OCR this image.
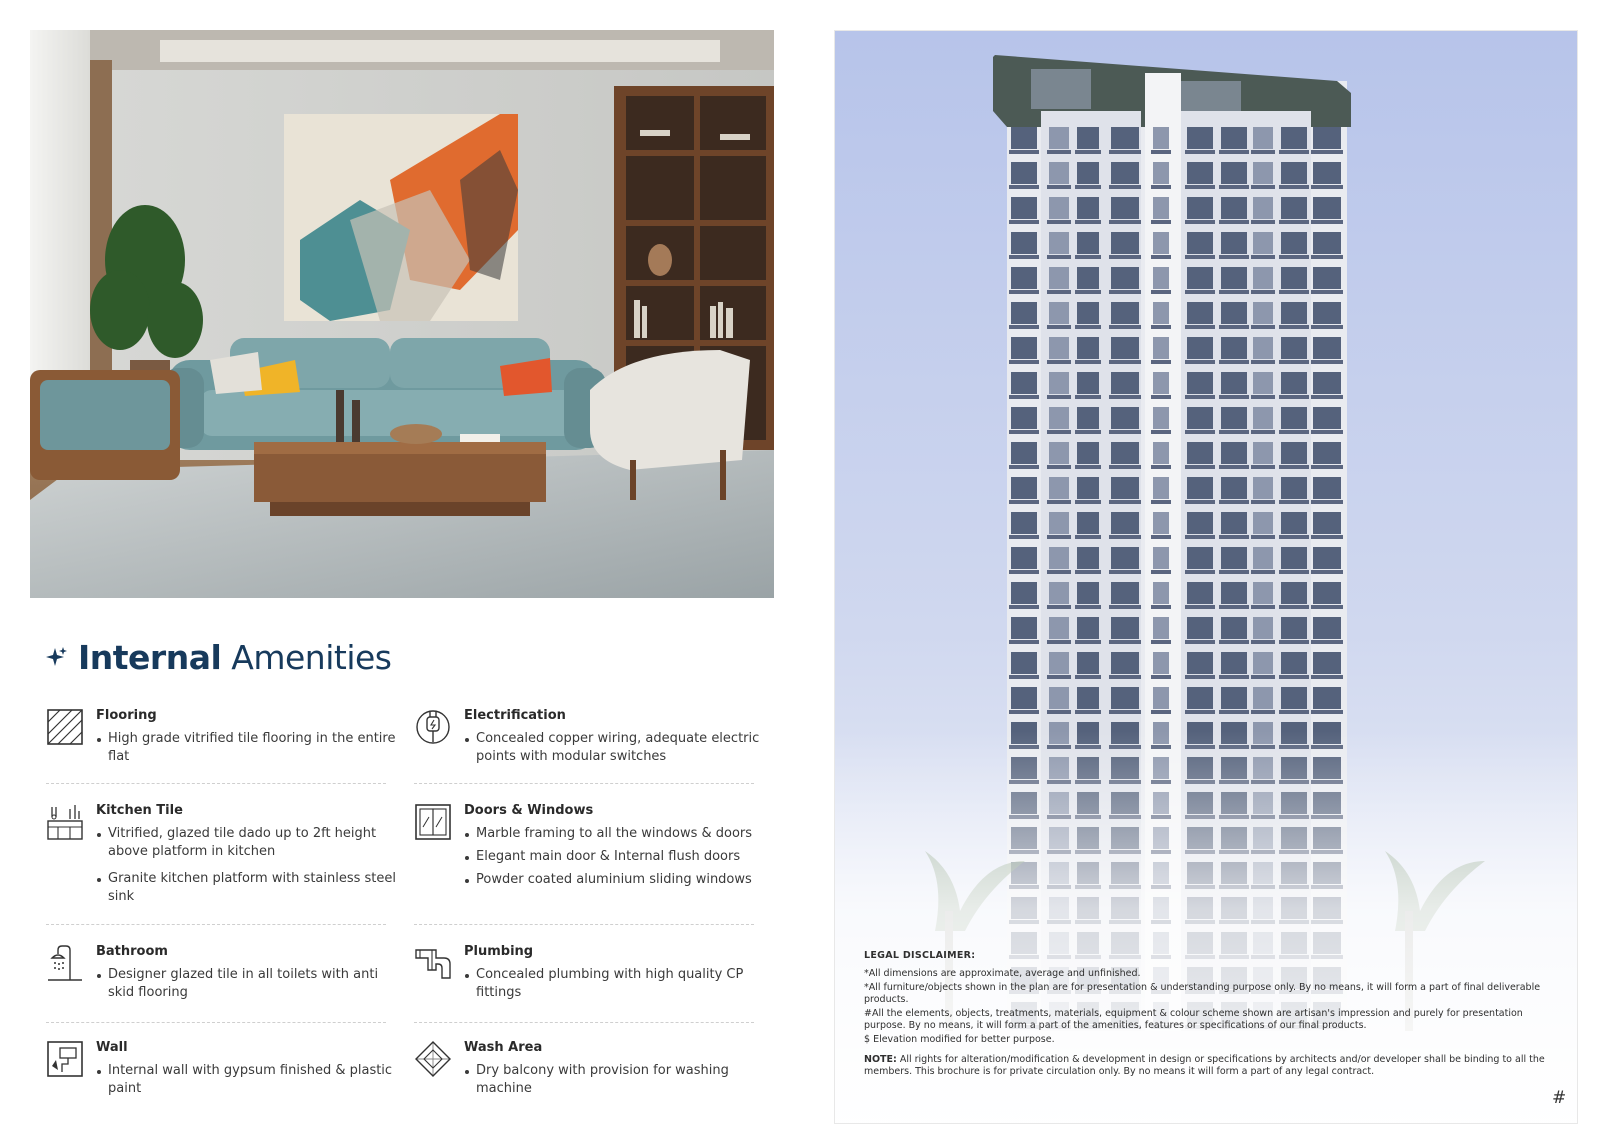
Internal Amenities
Flooring
High grade vitrified tile flooring in the entire flat
Electrification
Concealed copper wiring, adequate electric points with modular switches
Kitchen Tile
Vitrified, glazed tile dado up to 2ft height above platform in kitchen
Granite kitchen platform with stainless steel sink
Doors & Windows
Marble framing to all the windows & doors
Elegant main door & Internal flush doors
Powder coated aluminium sliding windows
Bathroom
Designer glazed tile in all toilets with anti skid flooring
Plumbing
Concealed plumbing with high quality CP fittings
Wall
Internal wall with gypsum finished & plastic paint
Wash Area
Dry balcony with provision for washing machine
LEGAL DISCLAIMER:
*All dimensions are approximate, average and unfinished.
*All furniture/objects shown in the plan are for presentation & understanding purpose only. By no means, it will form a part of final deliverable products.
#All the elements, objects, treatments, materials, equipment & colour scheme shown are artisan's impression and purely for presentation purpose. By no means, it will form a part of the amenities, features or specifications of our final products.
$ Elevation modified for better purpose.
NOTE: All rights for alteration/modification & development in design or specifications by architects and/or developer shall be binding to all the members. This brochure is for private circulation only. By no means it will form a part of any legal contract.
#
